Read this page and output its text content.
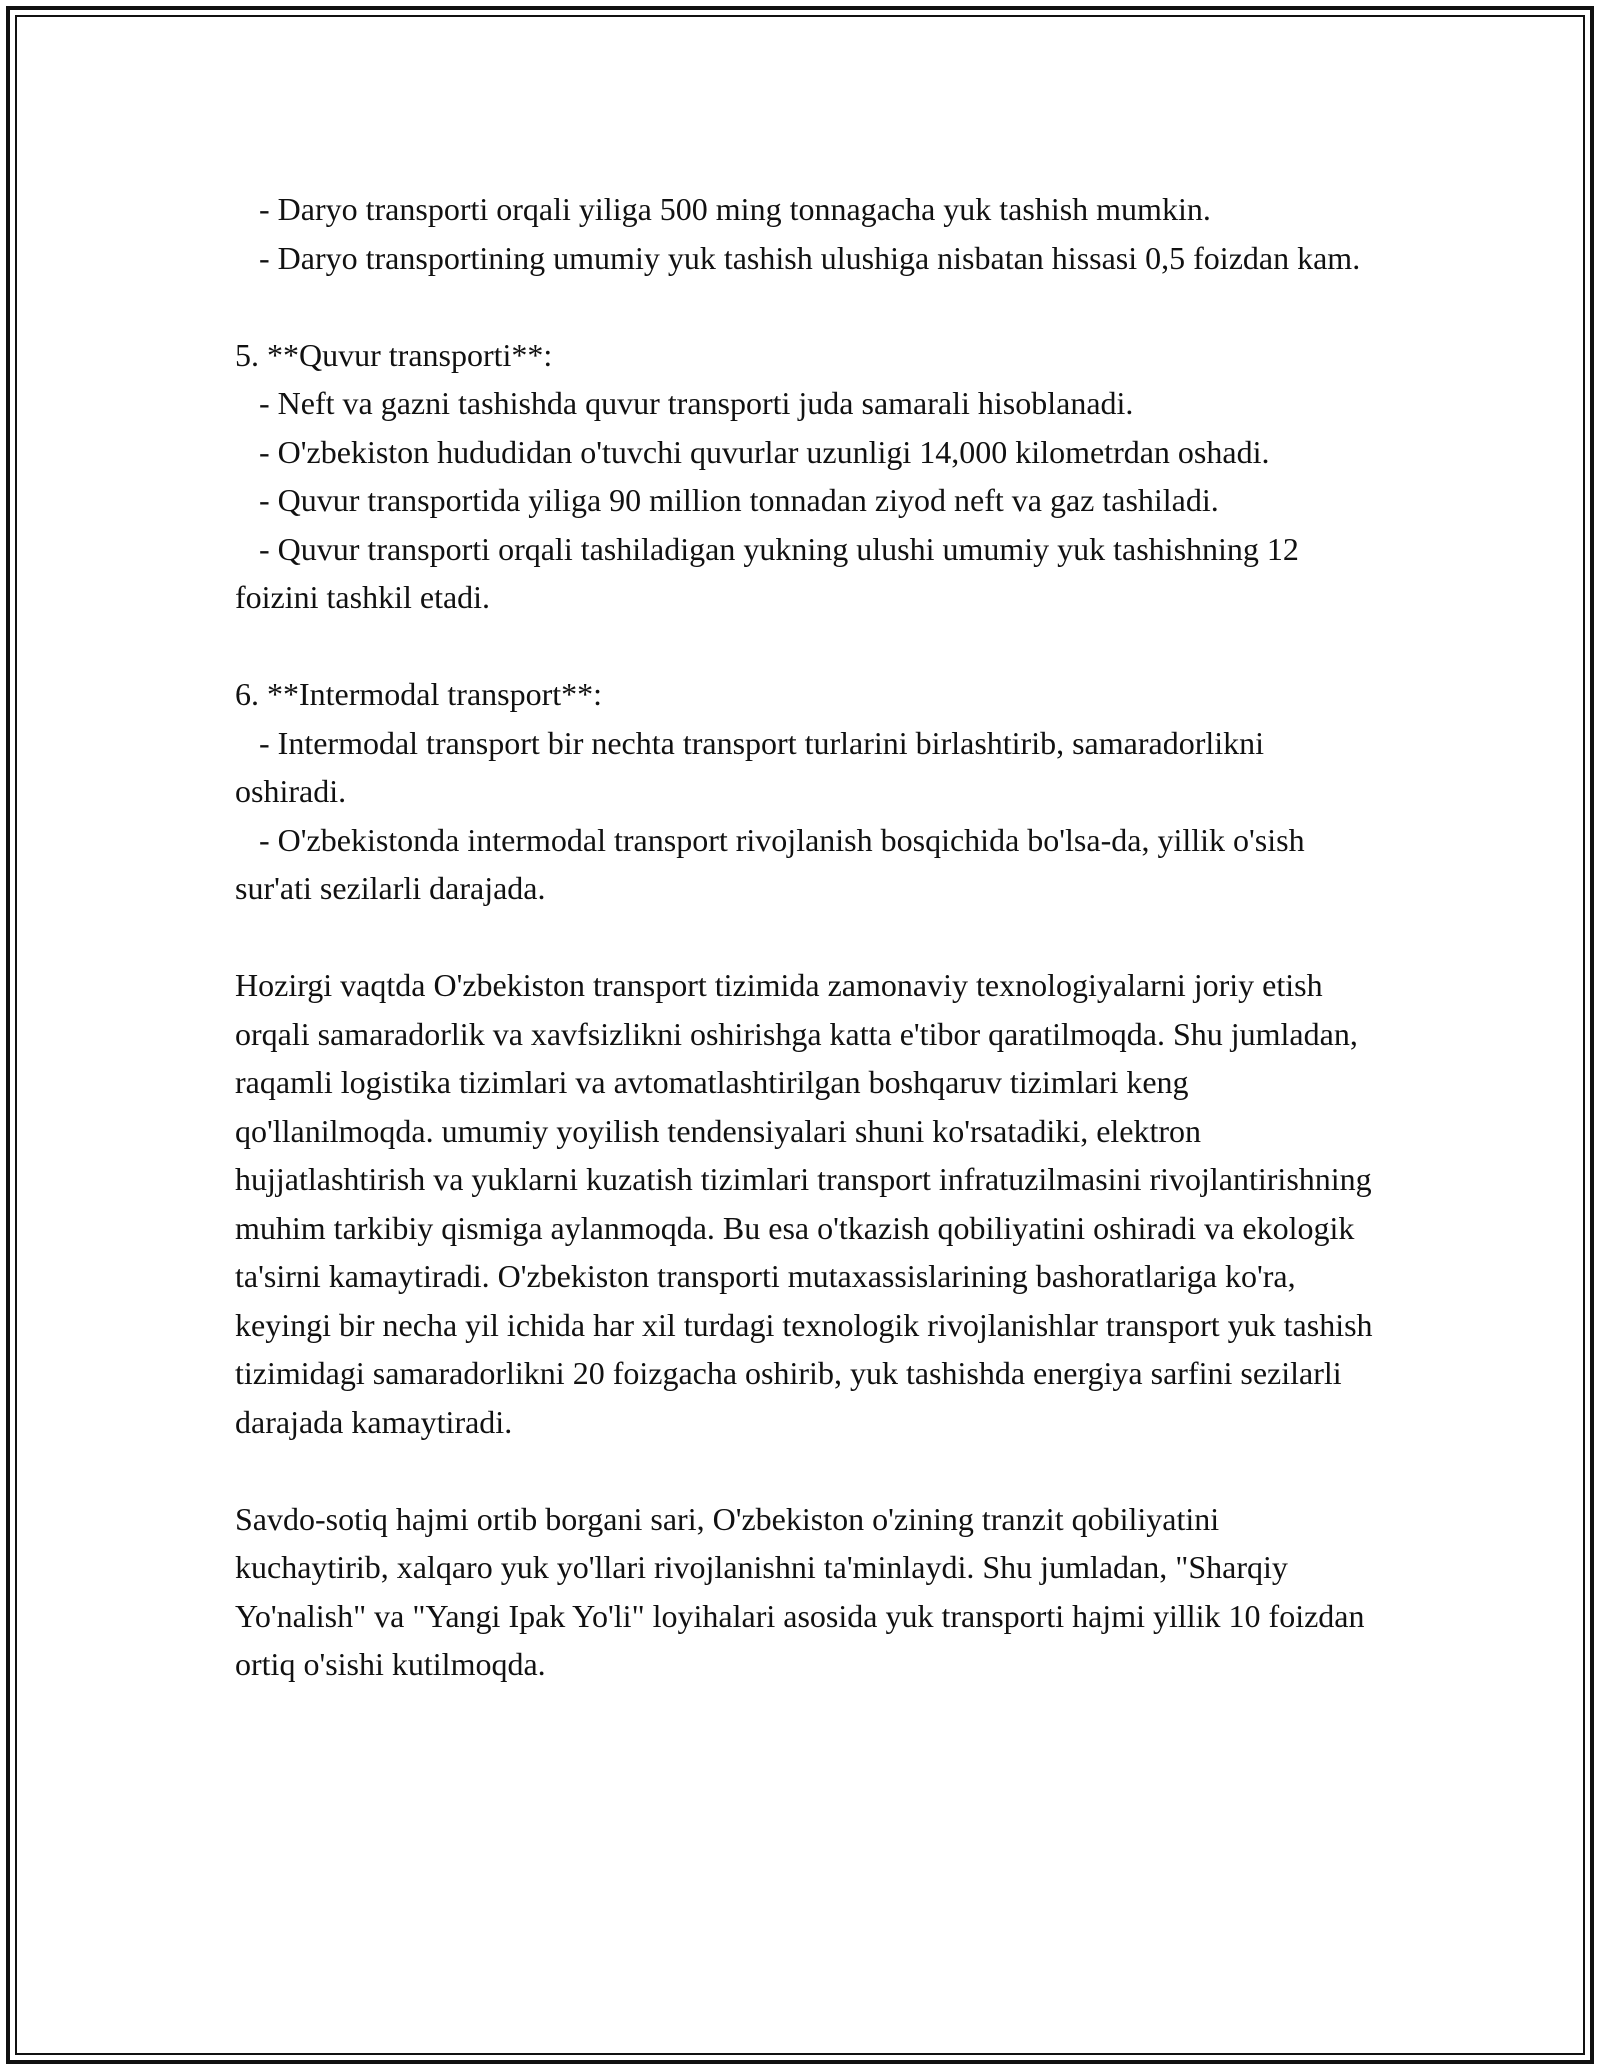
- Daryo transporti orqali yiliga 500 ming tonnagacha yuk tashish mumkin.

- Daryo transportining umumiy yuk tashish ulushiga nisbatan hissasi 0,5 foizdan kam.

5. **Quvur transporti**:

- Neft va gazni tashishda quvur transporti juda samarali hisoblanadi.

- O'zbekiston hududidan o'tuvchi quvurlar uzunligi 14,000 kilometrdan oshadi.

- Quvur transportida yiliga 90 million tonnadan ziyod neft va gaz tashiladi.

- Quvur transporti orqali tashiladigan yukning ulushi umumiy yuk tashishning 12 foizini tashkil etadi.

6. **Intermodal transport**:

- Intermodal transport bir nechta transport turlarini birlashtirib, samaradorlikni oshiradi.

- O'zbekistonda intermodal transport rivojlanish bosqichida bo'lsa-da, yillik o'sish sur'ati sezilarli darajada.

Hozirgi vaqtda O'zbekiston transport tizimida zamonaviy texnologiyalarni joriy etish orqali samaradorlik va xavfsizlikni oshirishga katta e'tibor qaratilmoqda. Shu jumladan, raqamli logistika tizimlari va avtomatlashtirilgan boshqaruv tizimlari keng qo'llanilmoqda. umumiy yoyilish tendensiyalari shuni ko'rsatadiki, elektron hujjatlashtirish va yuklarni kuzatish tizimlari transport infratuzilmasini rivojlantirishning muhim tarkibiy qismiga aylanmoqda. Bu esa o'tkazish qobiliyatini oshiradi va ekologik ta'sirni kamaytiradi. O'zbekiston transporti mutaxassislarining bashoratlariga ko'ra, keyingi bir necha yil ichida har xil turdagi texnologik rivojlanishlar transport yuk tashish tizimidagi samaradorlikni 20 foizgacha oshirib, yuk tashishda energiya sarfini sezilarli darajada kamaytiradi.

Savdo-sotiq hajmi ortib borgani sari, O'zbekiston o'zining tranzit qobiliyatini kuchaytirib, xalqaro yuk yo'llari rivojlanishni ta'minlaydi. Shu jumladan, "Sharqiy Yo'nalish" va "Yangi Ipak Yo'li" loyihalari asosida yuk transporti hajmi yillik 10 foizdan ortiq o'sishi kutilmoqda.
